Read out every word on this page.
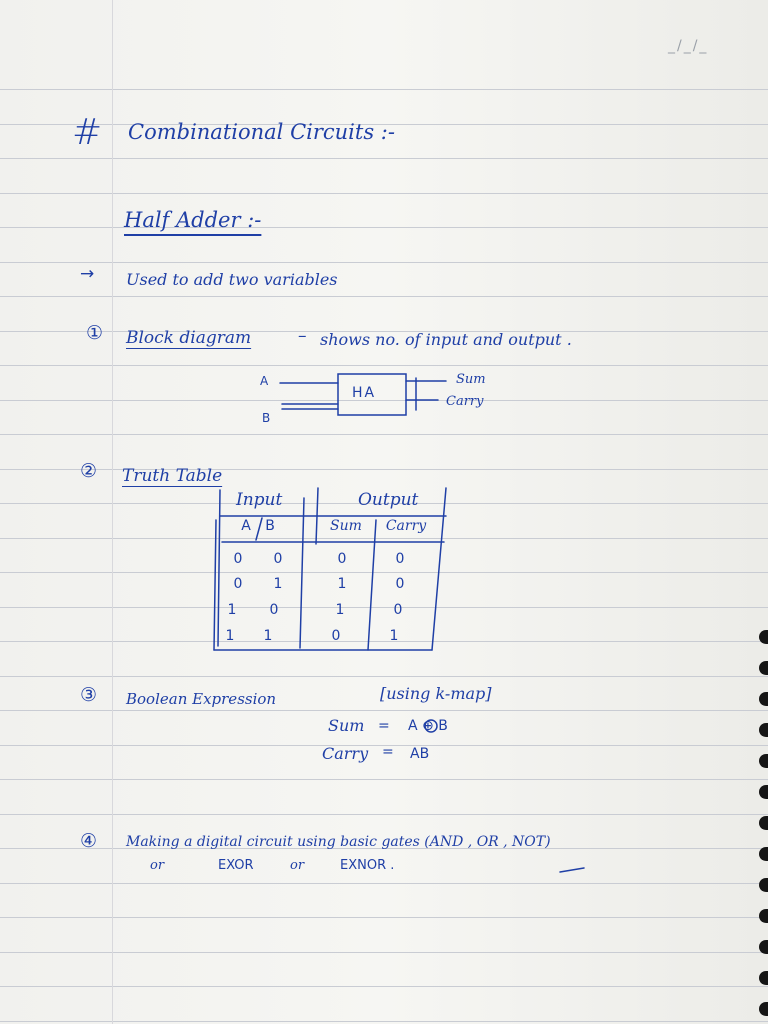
_/_/_
# Combinational Circuits :-
Half Adder :-
→ Used to add two variables
① Block diagram	– shows no. of input and output .
A
B
HA
Sum
Carry
② Truth Table
Input	Output
A	B	Sum	Carry
0	0	0	0
0	1	1	0
1	0	1	0
1	1	0	1
③ Boolean Expression	[using k-map]
Sum = A ⊕ B
Carry = AB
④ Making a digital circuit using basic gates (AND , OR , NOT)
or	EXOR	or	EXNOR .
